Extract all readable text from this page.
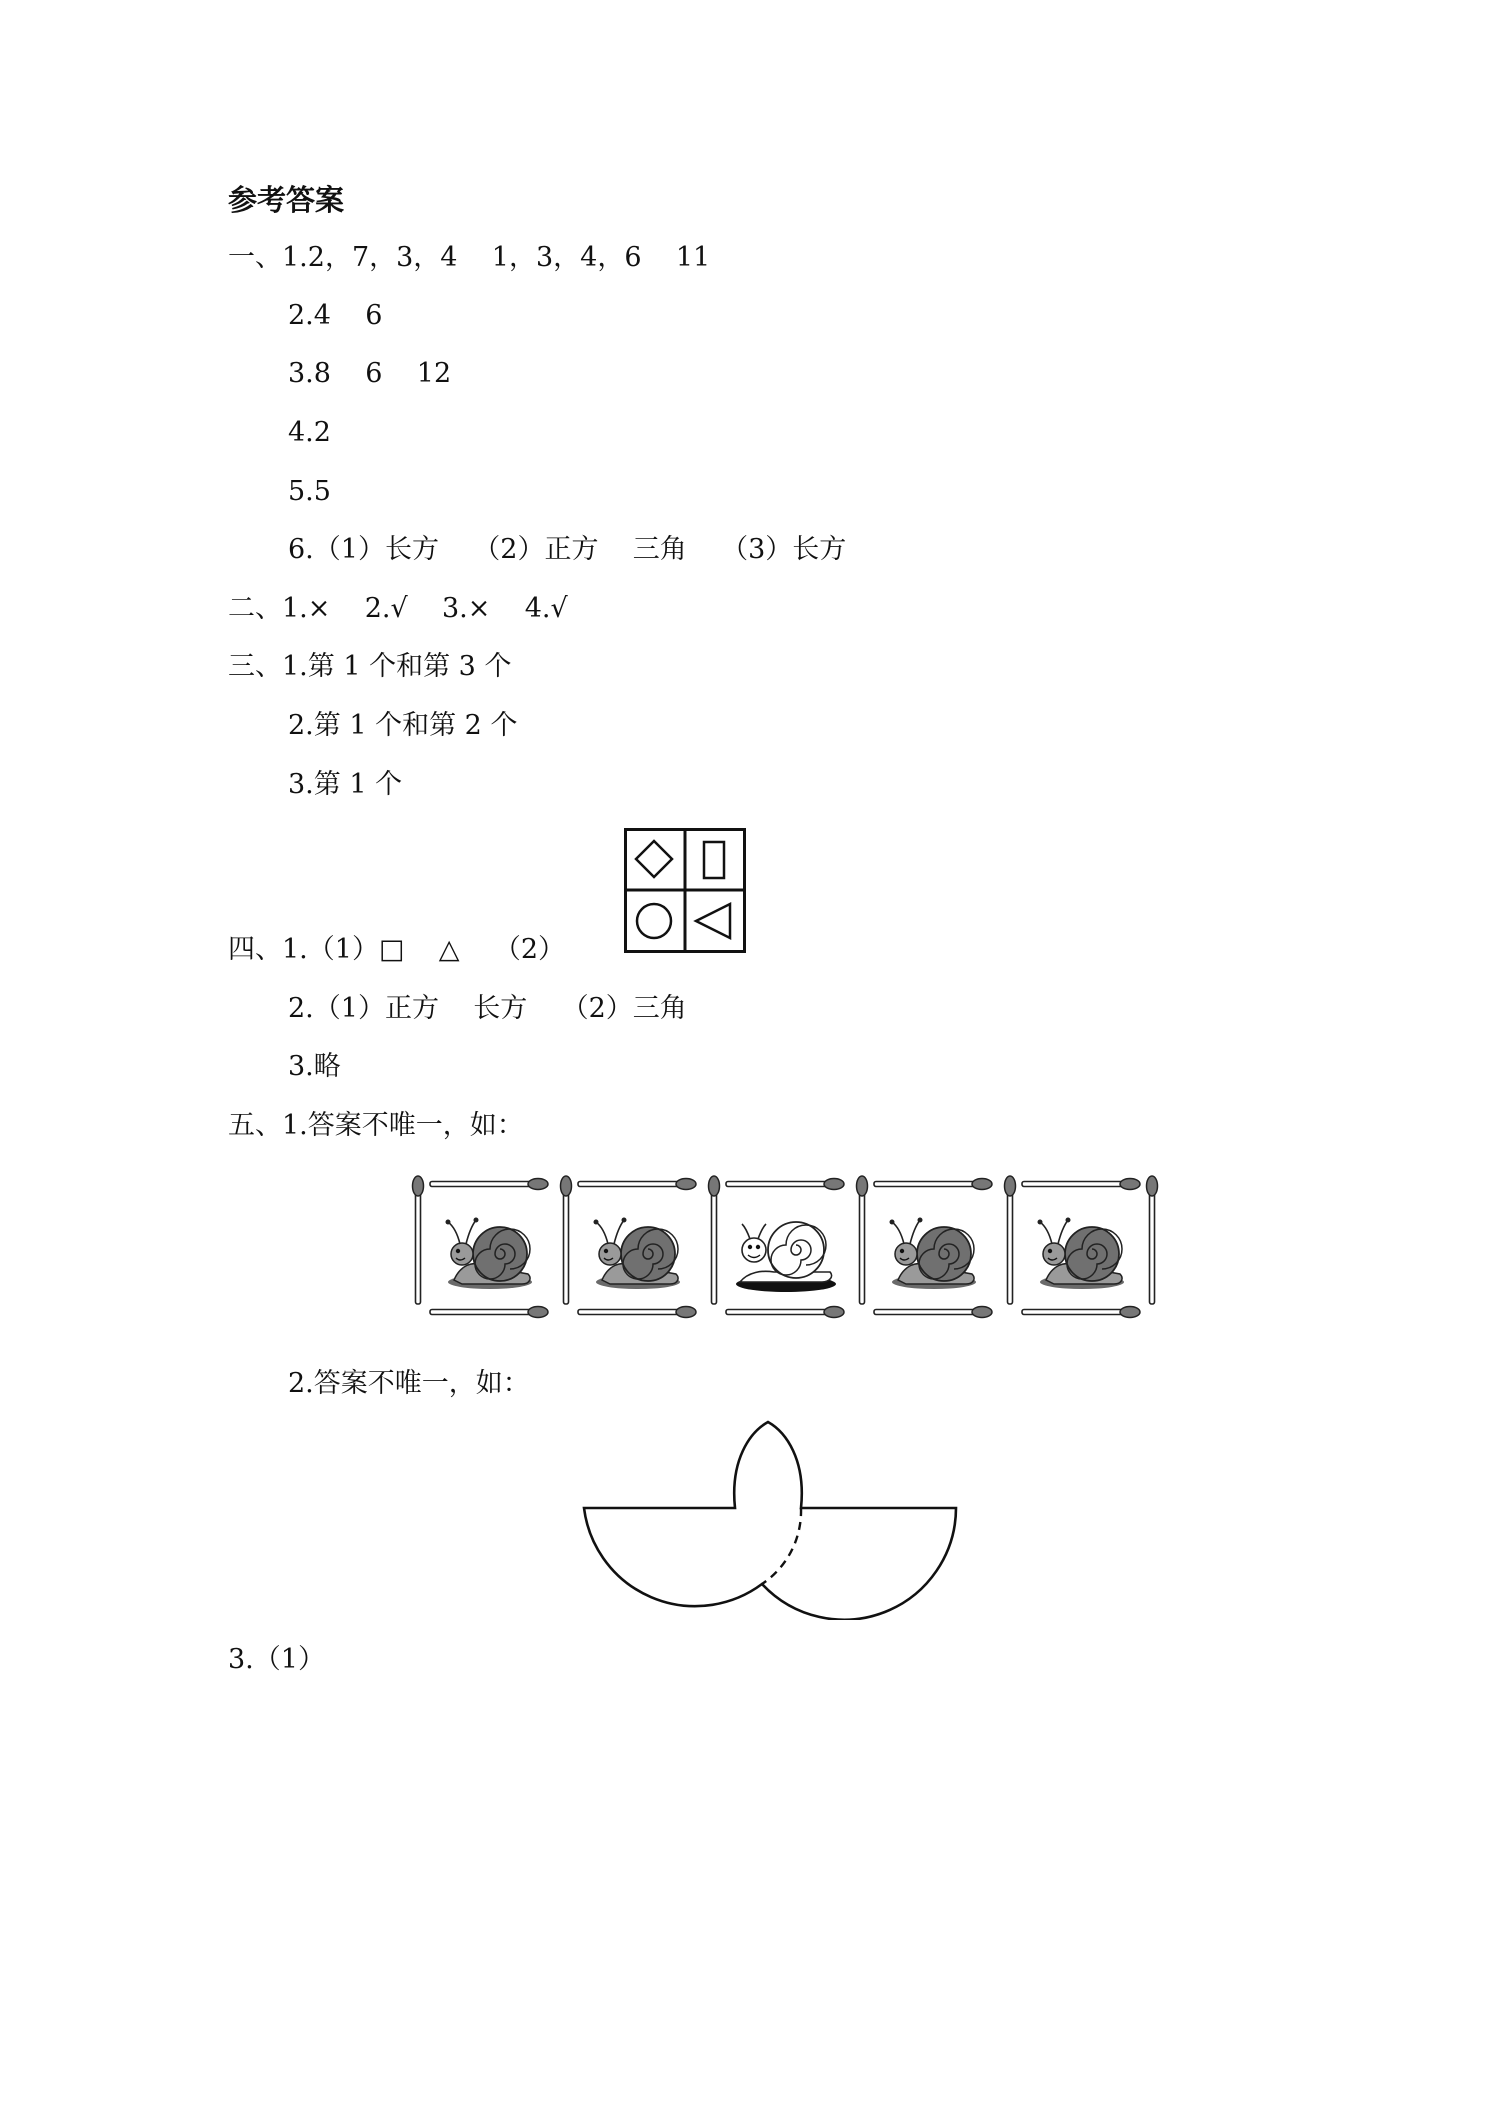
参考答案
一、1.2，7，3，4    1，3，4，6    11
2.4    6
3.8    6    12
4.2
5.5
6.（1）长方    （2）正方    三角    （3）长方
二、1.×    2.√    3.×    4.√
三、1.第 1 个和第 3 个
2.第 1 个和第 2 个
3.第 1 个
四、1.（1）□    △    （2）
2.（1）正方    长方    （2）三角
3.略
五、1.答案不唯一，如：
2.答案不唯一，如：
3.（1）
